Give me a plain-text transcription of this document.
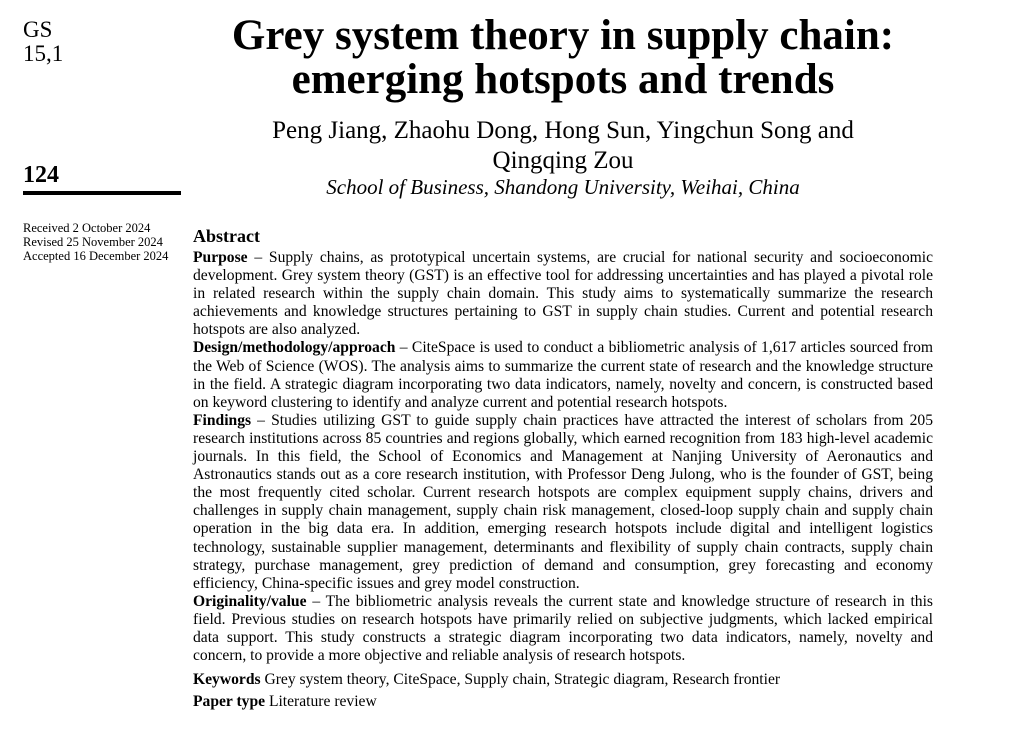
GS
15,1
124
Received 2 October 2024
Revised 25 November 2024
Accepted 16 December 2024
Grey system theory in supply chain:
emerging hotspots and trends
Peng Jiang, Zhaohu Dong, Hong Sun, Yingchun Song and
Qingqing Zou
School of Business, Shandong University, Weihai, China
Abstract

Purpose – Supply chains, as prototypical uncertain systems, are crucial for national security and socioeconomic development. Grey system theory (GST) is an effective tool for addressing uncertainties and has played a pivotal role in related research within the supply chain domain. This study aims to systematically summarize the research achievements and knowledge structures pertaining to GST in supply chain studies. Current and potential research hotspots are also analyzed.

Design/methodology/approach – CiteSpace is used to conduct a bibliometric analysis of 1,617 articles sourced from the Web of Science (WOS). The analysis aims to summarize the current state of research and the knowledge structure in the field. A strategic diagram incorporating two data indicators, namely, novelty and concern, is constructed based on keyword clustering to identify and analyze current and potential research hotspots.

Findings – Studies utilizing GST to guide supply chain practices have attracted the interest of scholars from 205 research institutions across 85 countries and regions globally, which earned recognition from 183 high-level academic journals. In this field, the School of Economics and Management at Nanjing University of Aeronautics and Astronautics stands out as a core research institution, with Professor Deng Julong, who is the founder of GST, being the most frequently cited scholar. Current research hotspots are complex equipment supply chains, drivers and challenges in supply chain management, supply chain risk management, closed-loop supply chain and supply chain operation in the big data era. In addition, emerging research hotspots include digital and intelligent logistics technology, sustainable supplier management, determinants and flexibility of supply chain contracts, supply chain strategy, purchase management, grey prediction of demand and consumption, grey forecasting and economy efficiency, China-specific issues and grey model construction.

Originality/value – The bibliometric analysis reveals the current state and knowledge structure of research in this field. Previous studies on research hotspots have primarily relied on subjective judgments, which lacked empirical data support. This study constructs a strategic diagram incorporating two data indicators, namely, novelty and concern, to provide a more objective and reliable analysis of research hotspots.

Keywords Grey system theory, CiteSpace, Supply chain, Strategic diagram, Research frontier
Paper type Literature review
